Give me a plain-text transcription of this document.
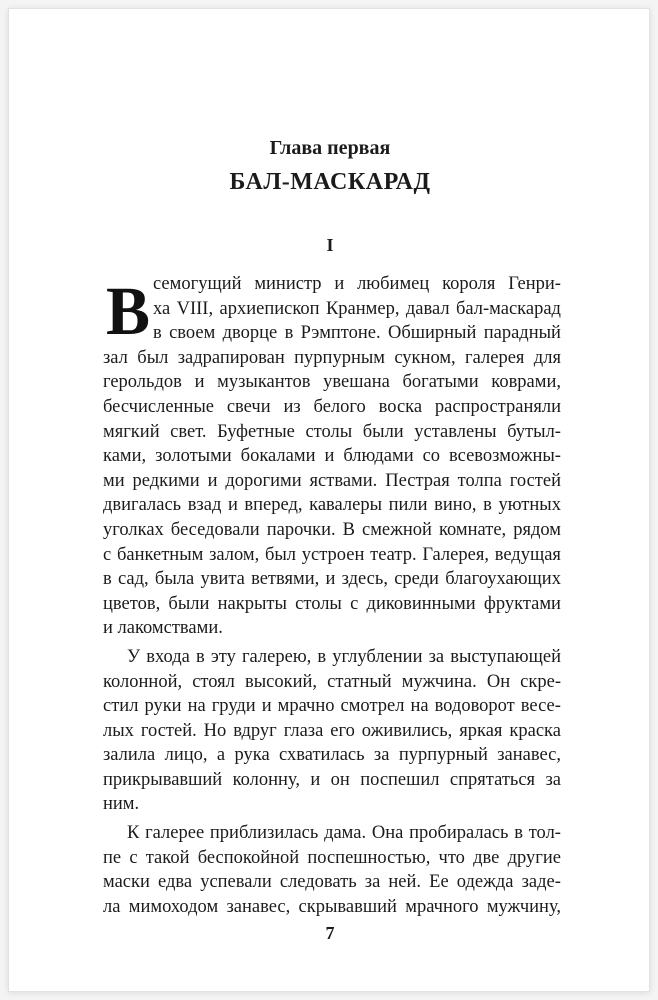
Глава первая
БАЛ-МАСКАРАД
I
В семогущий министр и любимец короля Генри-
ха VIII, архиепископ Кранмер, давал бал-маскарад
в своем дворце в Рэмптоне. Обширный парадный
зал был задрапирован пурпурным сукном, галерея для
герольдов и музыкантов увешана богатыми коврами,
бесчисленные свечи из белого воска распространяли
мягкий свет. Буфетные столы были уставлены бутыл-
ками, золотыми бокалами и блюдами со всевозможны-
ми редкими и дорогими яствами. Пестрая толпа гостей
двигалась взад и вперед, кавалеры пили вино, в уютных
уголках беседовали парочки. В смежной комнате, рядом
с банкетным залом, был устроен театр. Галерея, ведущая
в сад, была увита ветвями, и здесь, среди благоухающих
цветов, были накрыты столы с диковинными фруктами
и лакомствами.
У входа в эту галерею, в углублении за выступающей
колонной, стоял высокий, статный мужчина. Он скре-
стил руки на груди и мрачно смотрел на водоворот весе-
лых гостей. Но вдруг глаза его оживились, яркая краска
залила лицо, а рука схватилась за пурпурный занавес,
прикрывавший колонну, и он поспешил спрятаться за
ним.
К галерее приблизилась дама. Она пробиралась в тол-
пе с такой беспокойной поспешностью, что две другие
маски едва успевали следовать за ней. Ее одежда заде-
ла мимоходом занавес, скрывавший мрачного мужчину,
7
